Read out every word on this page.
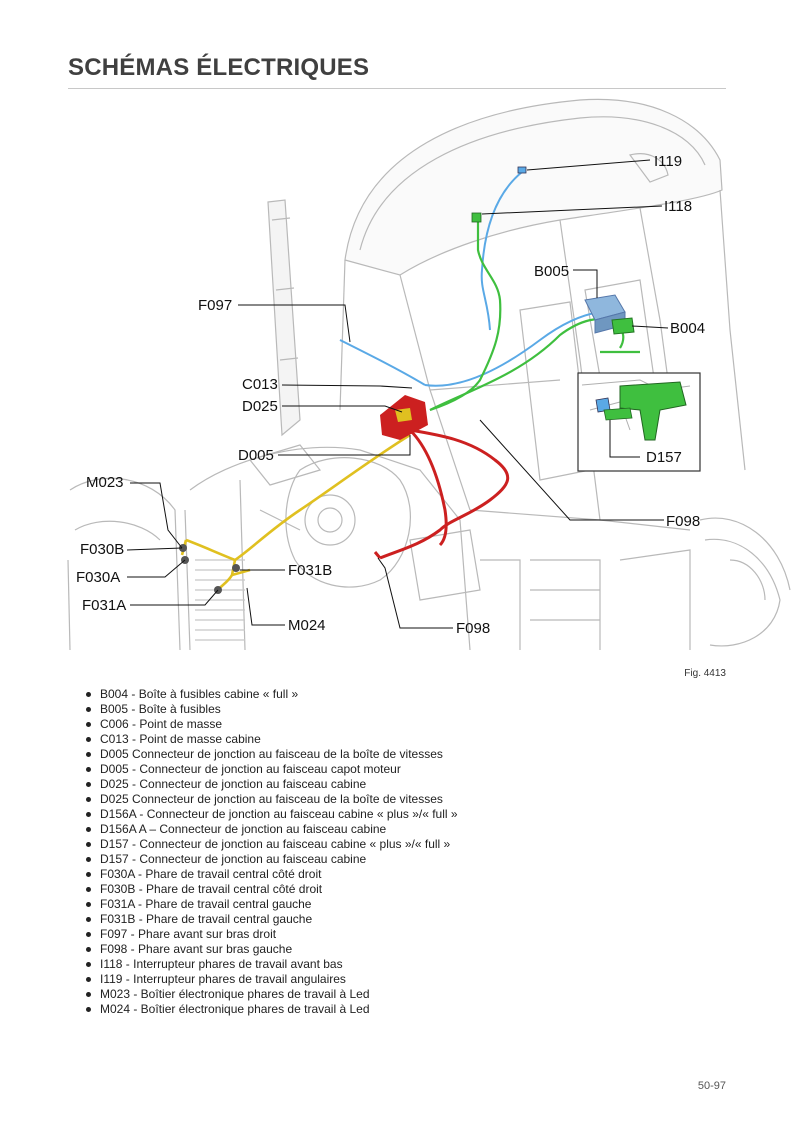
SCHÉMAS ÉLECTRIQUES
I119
I118
B005
B004
F097
C013
D025
D005	D157
M023
F098
F030B
F030A	F031B
F031A
M024	F098
Fig. 4413
B004 - Boîte à fusibles cabine « full »
B005 - Boîte à fusibles
C006 - Point de masse
C013 - Point de masse cabine
D005 Connecteur de jonction au faisceau de la boîte de vitesses
D005 - Connecteur de jonction au faisceau capot moteur
D025 - Connecteur de jonction au faisceau cabine
D025 Connecteur de jonction au faisceau de la boîte de vitesses
D156A - Connecteur de jonction au faisceau cabine « plus »/« full »
D156A A – Connecteur de jonction au faisceau cabine
D157 - Connecteur de jonction au faisceau cabine « plus »/« full »
D157 - Connecteur de jonction au faisceau cabine
F030A - Phare de travail central côté droit
F030B - Phare de travail central côté droit
F031A - Phare de travail central gauche
F031B - Phare de travail central gauche
F097 - Phare avant sur bras droit
F098 - Phare avant sur bras gauche
I118 - Interrupteur phares de travail avant bas
I119 - Interrupteur phares de travail angulaires
M023 - Boîtier électronique phares de travail à Led
M024 - Boîtier électronique phares de travail à Led
50-97
